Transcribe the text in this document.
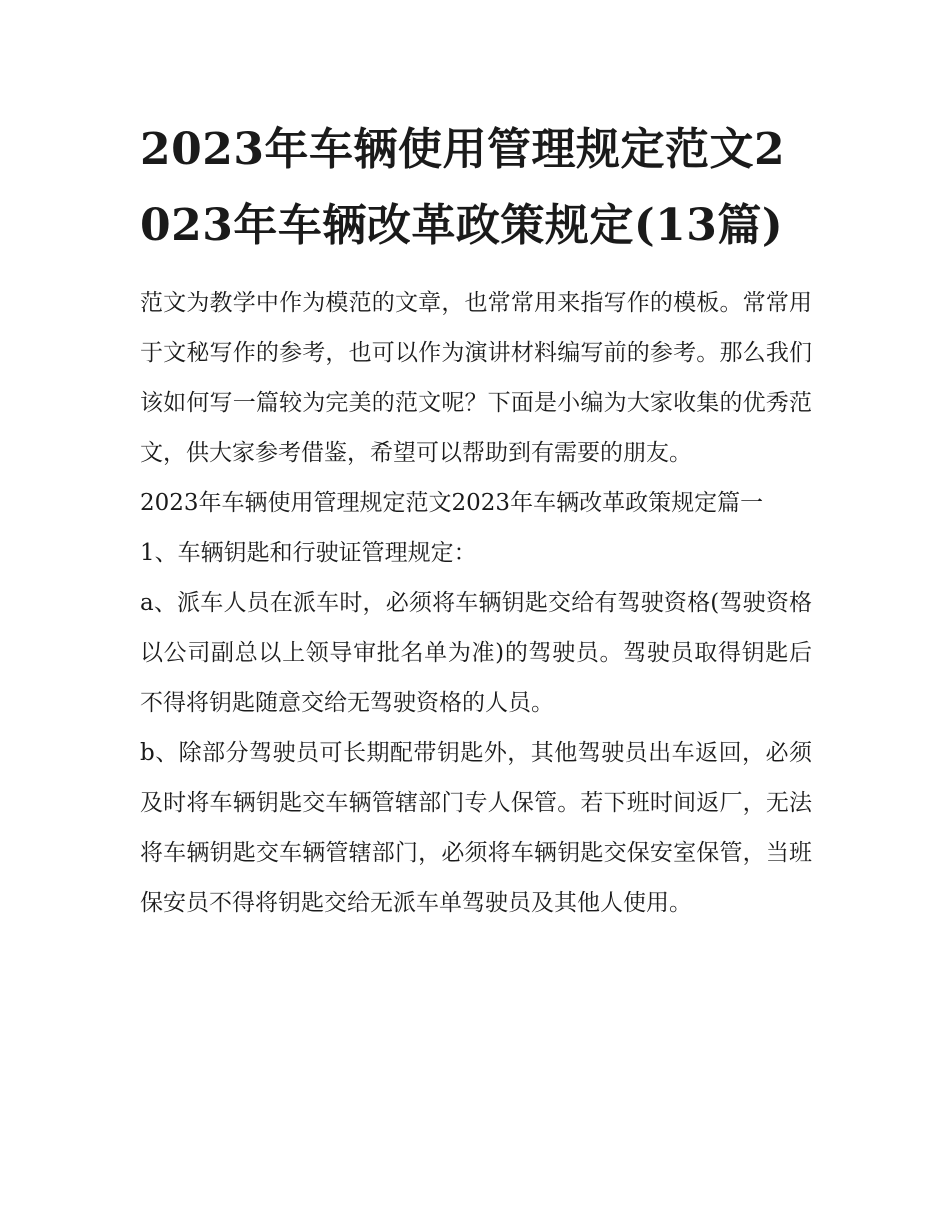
2023年车辆使用管理规定范文2023年车辆改革政策规定(13篇)

范文为教学中作为模范的文章，也常常用来指写作的模板。常常用于文秘写作的参考，也可以作为演讲材料编写前的参考。那么我们该如何写一篇较为完美的范文呢？下面是小编为大家收集的优秀范文，供大家参考借鉴，希望可以帮助到有需要的朋友。

2023年车辆使用管理规定范文2023年车辆改革政策规定篇一

1、车辆钥匙和行驶证管理规定：

a、派车人员在派车时，必须将车辆钥匙交给有驾驶资格(驾驶资格以公司副总以上领导审批名单为准)的驾驶员。驾驶员取得钥匙后不得将钥匙随意交给无驾驶资格的人员。

b、除部分驾驶员可长期配带钥匙外，其他驾驶员出车返回，必须及时将车辆钥匙交车辆管辖部门专人保管。若下班时间返厂，无法将车辆钥匙交车辆管辖部门，必须将车辆钥匙交保安室保管，当班保安员不得将钥匙交给无派车单驾驶员及其他人使用。
